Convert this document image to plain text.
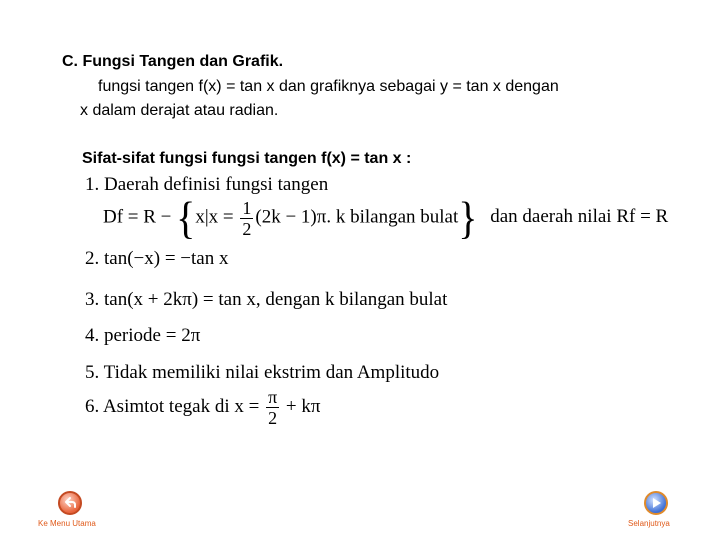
C. Fungsi Tangen dan Grafik.
fungsi tangen f(x) = tan x dan grafiknya sebagai y = tan x dengan
x dalam derajat atau radian.
Sifat-sifat fungsi fungsi tangen f(x) = tan x :
1. Daerah definisi fungsi tangen
$Df = R - \{x|x = \frac{1}{2} (2k - 1)\pi$. k bilangan bulat} dan daerah nilai Rf = R
2. tan(−x) = −tan x
3. tan(x + 2kπ) = tan x, dengan k bilangan bulat
4. periode = 2π
5. Tidak memiliki nilai ekstrim dan Amplitudo
6. Asimtot tegak di $x = \frac{\pi}{2} + k\pi$
Ke Menu Utama	Selanjutnya
